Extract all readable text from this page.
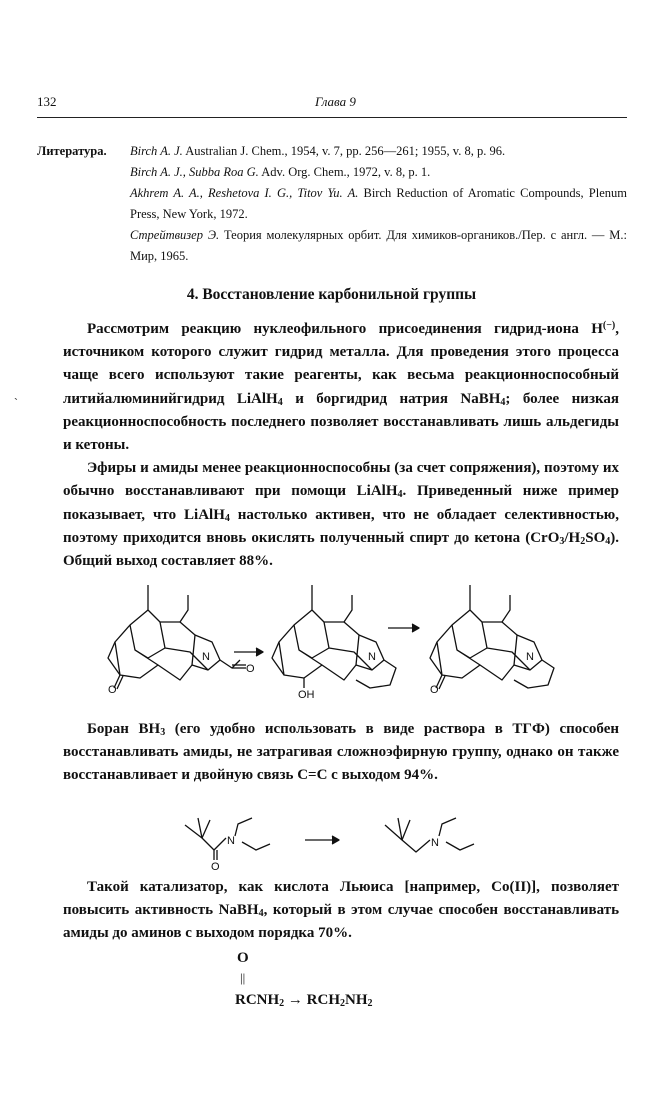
132	Глава 9
Литература. Birch A. J. Australian J. Chem., 1954, v. 7, pp. 256—261; 1955, v. 8, p. 96.

Birch A. J., Subba Roa G. Adv. Org. Chem., 1972, v. 8, p. 1.

Akhrem A. A., Reshetova I. G., Titov Yu. A. Birch Reduction of Aromatic Compounds, Plenum Press, New York, 1972.

Стрейтвизер Э. Теория молекулярных орбит. Для химиков-органиков./Пер. с англ. — М.: Мир, 1965.

4. Восстановление карбонильной группы
˴

Рассмотрим реакцию нуклеофильного присоединения гидрид-иона H(−), источником которого служит гидрид металла. Для проведения этого процесса чаще всего используют такие реагенты, как весьма реакционноспособный литийалюминийгидрид LiAlH$_4$ и боргидрид натрия NaBH$_4$; более низкая реакционноспособность последнего позволяет восстанавливать лишь альдегиды и кетоны.

Эфиры и амиды менее реакционноспособны (за счет сопряжения), поэтому их обычно восстанавливают при помощи LiAlH$_4$. Приведенный ниже пример показывает, что LiAlH$_4$ настолько активен, что не обладает селективностью, поэтому приходится вновь окислять полученный спирт до кетона $(CrO_3/H_2SO_4)$. Общий выход составляет 88%.

O
N
O
OH
N
O
N

Боран $BH_3$ (его удобно использовать в виде раствора в ТГФ) способен восстанавливать амиды, не затрагивая сложноэфирную группу, однако он также восстанавливает и двойную связь C=C с выходом 94%.

N
O
N

Такой катализатор, как кислота Льюиса [например, Co(II)], позволяет повысить активность NaBH$_4$, который в этом случае способен восстанавливать амиды до аминов с выходом порядка 70%.

O
||
$RCNH_2 \to RCH_2NH_2$
